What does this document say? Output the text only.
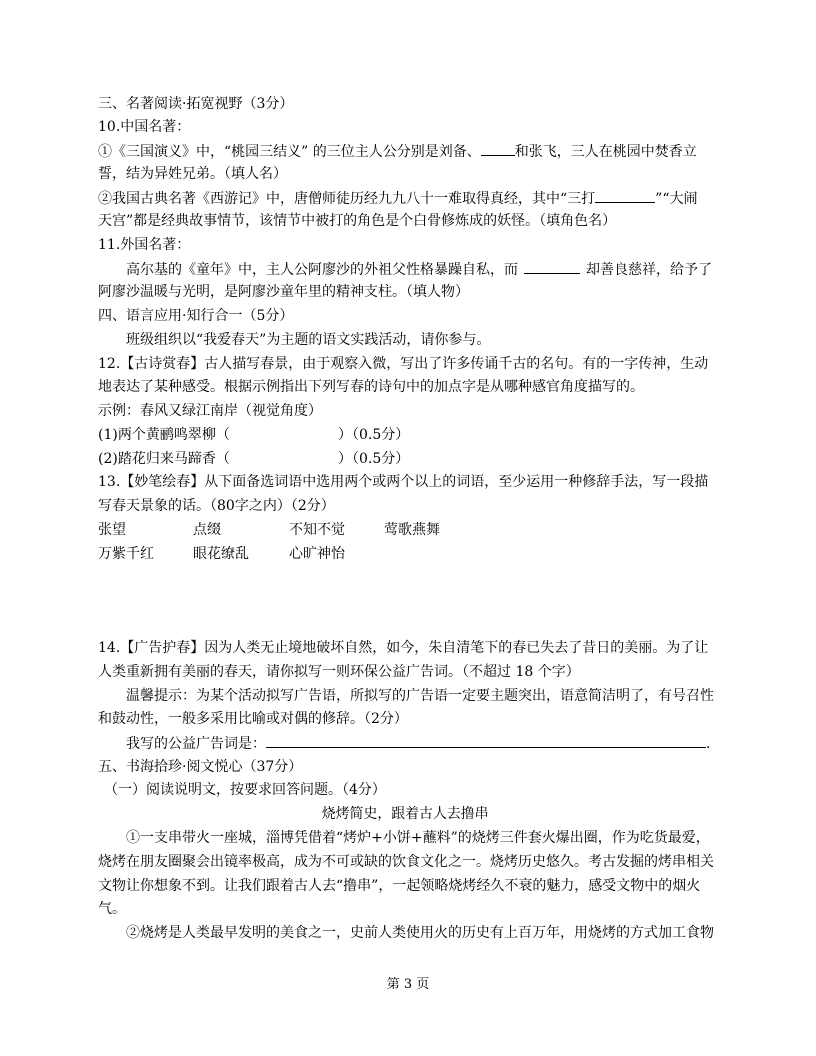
三、名著阅读·拓宽视野（3分）
10.中国名著：
①《三国演义》中，“桃园三结义” 的三位主人公分别是刘备、 和张飞，三人在桃园中焚香立
誓，结为异姓兄弟。（填人名）
②我国古典名著《西游记》中，唐僧师徒历经九九八十一难取得真经，其中“三打	”“大闹
天宫”都是经典故事情节，该情节中被打的角色是个白骨修炼成的妖怪。（填角色名）
11.外国名著：
高尔基的《童年》中，主人公阿廖沙的外祖父性格暴躁自私，而	却善良慈祥，给予了
阿廖沙温暖与光明，是阿廖沙童年里的精神支柱。（填人物）
四、语言应用·知行合一（5分）
班级组织以“我爱春天”为主题的语文实践活动，请你参与。
12.【古诗赏春】古人描写春景，由于观察入微，写出了许多传诵千古的名句。有的一字传神，生动
地表达了某种感受。根据示例指出下列写春的诗句中的加点字是从哪种感官角度描写的。
示例：春风又绿江南岸（视觉角度）
(1)两个黄鹂鸣翠柳（	）（0.5分）
(2)踏花归来马蹄香（	）（0.5分）
13.【妙笔绘春】从下面备选词语中选用两个或两个以上的词语，至少运用一种修辞手法，写一段描
写春天景象的话。（80字之内）（2分）
张望	点缀	不知不觉	莺歌燕舞
万紫千红	眼花缭乱	心旷神怡
14.【广告护春】因为人类无止境地破坏自然，如今，朱自清笔下的春已失去了昔日的美丽。为了让
人类重新拥有美丽的春天，请你拟写一则环保公益广告词。（不超过 18 个字）
温馨提示：为某个活动拟写广告语，所拟写的广告语一定要主题突出，语意简洁明了，有号召性
和鼓动性，一般多采用比喻或对偶的修辞。（2分）
我写的公益广告词是：	.
五、书海拾珍·阅文悦心（37分）
（一）阅读说明文，按要求回答问题。（4分）
烧烤简史，跟着古人去撸串
①一支串带火一座城，淄博凭借着“烤炉+小饼+蘸料”的烧烤三件套火爆出圈，作为吃货最爱，
烧烤在朋友圈聚会出镜率极高，成为不可或缺的饮食文化之一。烧烤历史悠久。考古发掘的烤串相关
文物让你想象不到。让我们跟着古人去“撸串”，一起领略烧烤经久不衰的魅力，感受文物中的烟火
气。
②烧烤是人类最早发明的美食之一，史前人类使用火的历史有上百万年，用烧烤的方式加工食物
第 3 页
